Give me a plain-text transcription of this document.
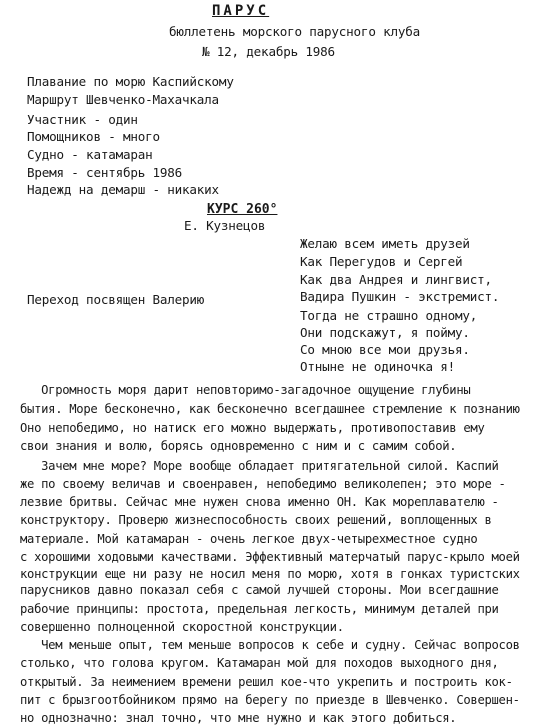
ПАРУС
бюллетень морского парусного клуба
№ 12, декабрь 1986
Плавание по морю Каспийскому
Маршрут Шевченко-Махачкала
Участник - один
Помощников - много
Судно - катамаран
Время - сентябрь 1986
Надежд на демарш - никаких
КУРС 260°
Е. Кузнецов
Переход посвящен Валерию
Желаю всем иметь друзей
Как Перегудов и Сергей
Как два Андрея и лингвист,
Вадира Пушкин - экстремист.
Тогда не страшно одному,
Они подскажут, я пойму.
Со мною все мои друзья.
Отныне не одиночка я!
Огромность моря дарит неповторимо-загадочное ощущение глубины
бытия. Море бесконечно, как бесконечно всегдашнее стремление к познанию
Оно непобедимо, но натиск его можно выдержать, противопоставив ему
свои знания и волю, борясь одновременно с ним и с самим собой.
Зачем мне море? Море вообще обладает притягательной силой. Каспий
же по своему величав и своенравен, непобедимо великолепен; это море -
лезвие бритвы. Сейчас мне нужен снова именно ОН. Как мореплавателю -
конструктору. Проверю жизнеспособность своих решений, воплощенных в
материале. Мой катамаран - очень легкое двух-четырехместное судно
с хорошими ходовыми качествами. Эффективный матерчатый парус-крыло моей
конструкции еще ни разу не носил меня по морю, хотя в гонках туристских
парусников давно показал себя с самой лучшей стороны. Мои всегдашние
рабочие принципы: простота, предельная легкость, минимум деталей при
совершенно полноценной скоростной конструкции.
Чем меньше опыт, тем меньше вопросов к себе и судну. Сейчас вопросов
столько, что голова кругом. Катамаран мой для походов выходного дня,
открытый. За неимением времени решил кое-что укрепить и построить кок-
пит с брызгоотбойником прямо на берегу по приезде в Шевченко. Совершен-
но однозначно: знал точно, что мне нужно и как этого добиться.
